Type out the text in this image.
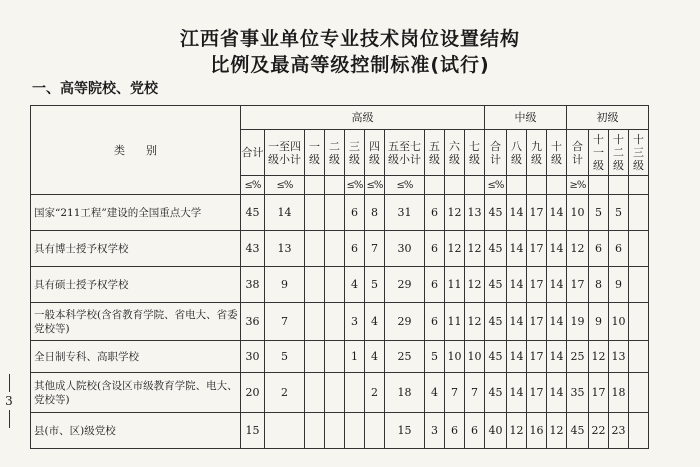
江西省事业单位专业技术岗位设置结构
比例及最高等级控制标准(试行)
一、高等院校、党校
3
类      别	高级										中级				初级			
	合计	一至四级小计	一级	二级	三级	四级	五至七级小计	五级	六级	七级	合计	八级	九级	十级	合计	十一级	十二级	十三级
	≤%	≤%			≤%	≤%	≤%				≤%				≥%			
国家“211工程”建设的全国重点大学	45	14			6	8	31	6	12	13	45	14	17	14	10	5	5	
具有博士授予权学校	43	13			6	7	30	6	12	12	45	14	17	14	12	6	6	
具有硕士授予权学校	38	9			4	5	29	6	11	12	45	14	17	14	17	8	9	
一般本科学校(含省教育学院、省电大、省委党校等)	36	7			3	4	29	6	11	12	45	14	17	14	19	9	10	
全日制专科、高职学校	30	5			1	4	25	5	10	10	45	14	17	14	25	12	13	
其他成人院校(含设区市级教育学院、电大、党校等)	20	2				2	18	4	7	7	45	14	17	14	35	17	18	
县(市、区)级党校	15						15	3	6	6	40	12	16	12	45	22	23	
